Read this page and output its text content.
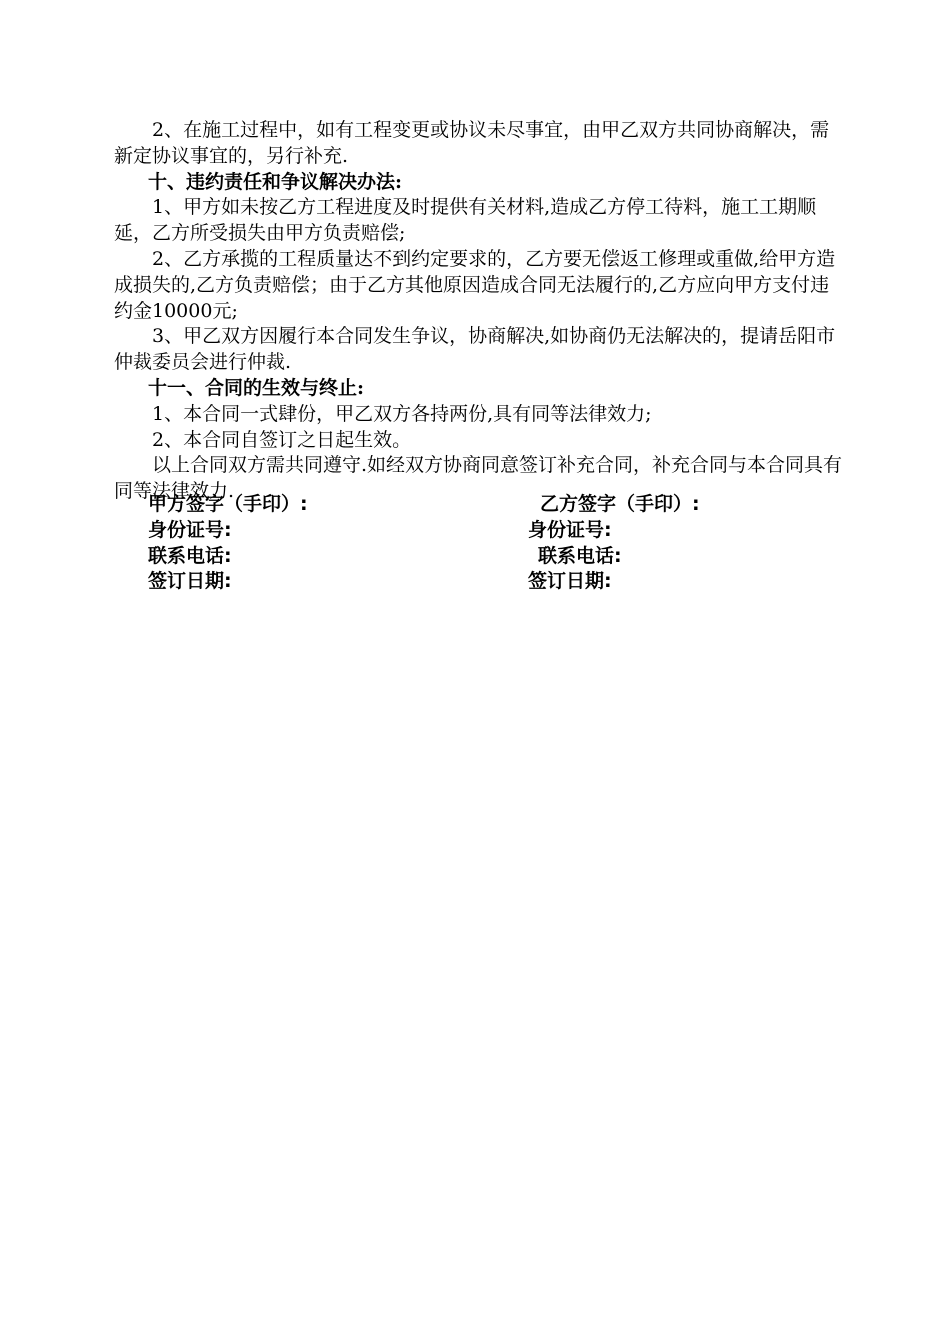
2、在施工过程中，如有工程变更或协议未尽事宜，由甲乙双方共同协商解决，需新定协议事宜的，另行补充.

十、违约责任和争议解决办法:

1、甲方如未按乙方工程进度及时提供有关材料,造成乙方停工待料，施工工期顺延，乙方所受损失由甲方负责赔偿;

2、乙方承揽的工程质量达不到约定要求的，乙方要无偿返工修理或重做,给甲方造成损失的,乙方负责赔偿；由于乙方其他原因造成合同无法履行的,乙方应向甲方支付违约金10000元;

3、甲乙双方因履行本合同发生争议，协商解决,如协商仍无法解决的，提请岳阳市仲裁委员会进行仲裁.

十一、合同的生效与终止:

1、本合同一式肆份，甲乙双方各持两份,具有同等法律效力;

2、本合同自签订之日起生效。

以上合同双方需共同遵守.如经双方协商同意签订补充合同，补充合同与本合同具有同等法律效力.

甲方签字（手印）:	乙方签字（手印）:
身份证号:	身份证号:
联系电话:	联系电话:
签订日期:	签订日期:
